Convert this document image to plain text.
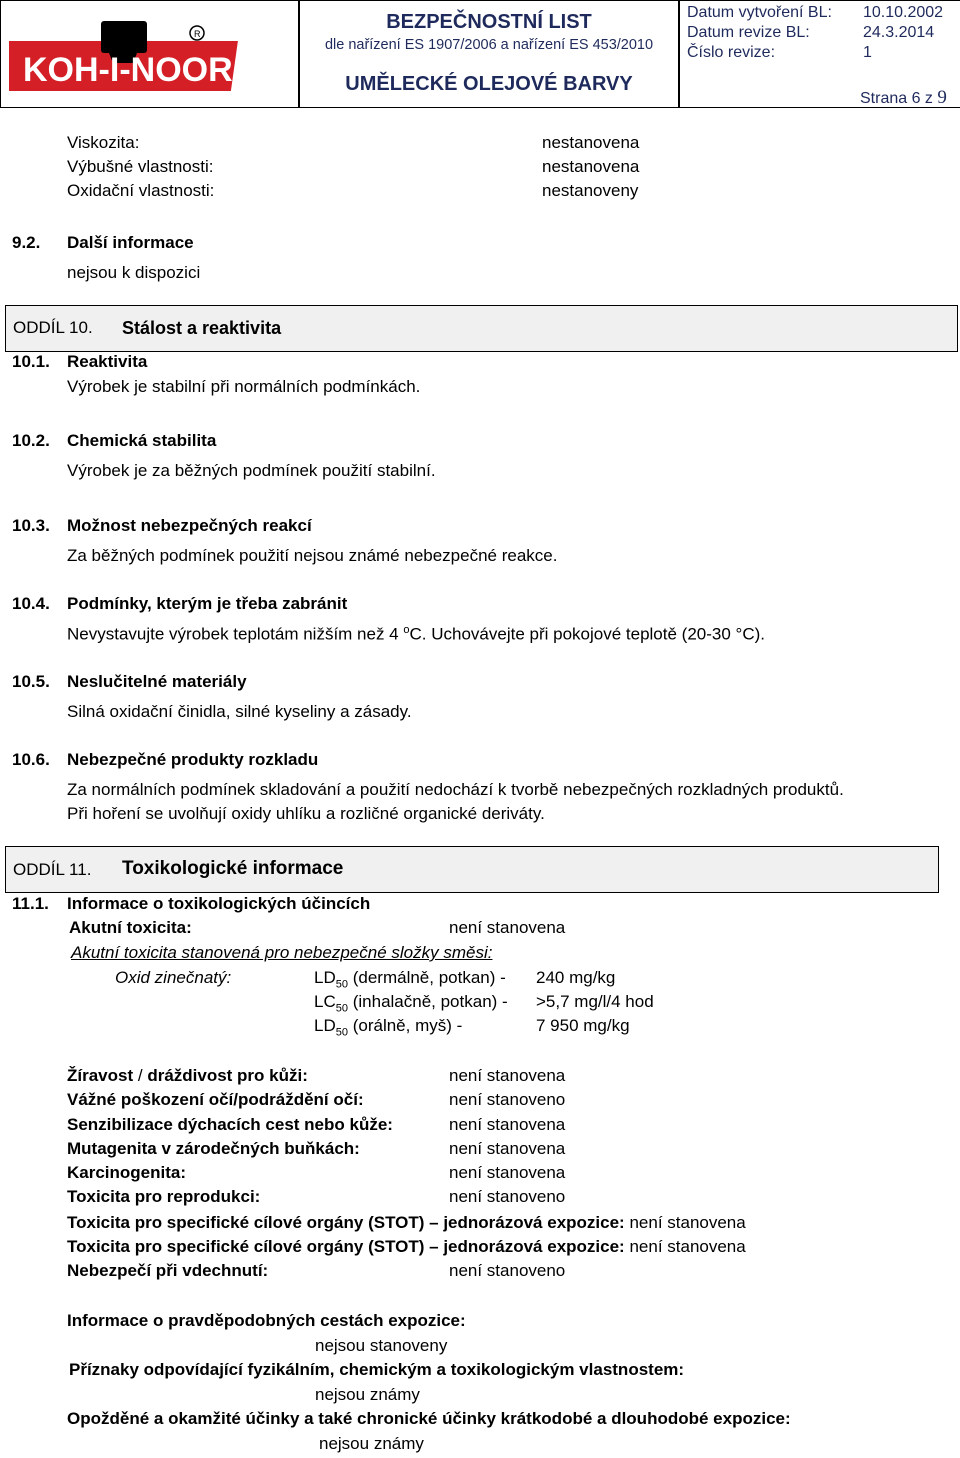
R
KOH-I-NOOR
BEZPEČNOSTNÍ LIST
dle nařízení ES 1907/2006 a nařízení ES 453/2010
UMĚLECKÉ OLEJOVÉ BARVY
Datum vytvoření BL: 10.10.2002
Datum revize BL:	24.3.2014
Číslo revize:	1
Strana 6 z 9
Viskozita:	nestanovena
Výbušné vlastnosti:	nestanovena
Oxidační vlastnosti:	nestanoveny
9.2. Další informace
nejsou k dispozici
ODDÍL 10. Stálost a reaktivita
10.1. Reaktivita
Výrobek je stabilní při normálních podmínkách.
10.2. Chemická stabilita
Výrobek je za běžných podmínek použití stabilní.
10.3. Možnost nebezpečných reakcí
Za běžných podmínek použití nejsou známé nebezpečné reakce.
10.4. Podmínky, kterým je třeba zabránit
Nevystavujte výrobek teplotám nižším než 4 $^o$C. Uchovávejte při pokojové teplotě (20-30 °C).
10.5. Neslučitelné materiály
Silná oxidační činidla, silné kyseliny a zásady.
10.6. Nebezpečné produkty rozkladu
Za normálních podmínek skladování a použití nedochází k tvorbě nebezpečných rozkladných produktů.
Při hoření se uvolňují oxidy uhlíku a rozličné organické deriváty.
ODDÍL 11. Toxikologické informace
11.1. Informace o toxikologických účincích
Akutní toxicita:	není stanovena
Akutní toxicita stanovená pro nebezpečné složky směsi:
Oxid zinečnatý:	$LD_{50}$ (dermálně, potkan) - 240 mg/kg
$LC_{50}$ (inhalačně, potkan) - >5,7 mg/l/4 hod
$LD_{50}$ (orálně, myš) -	7 950 mg/kg
Žíravost / dráždivost pro kůži:	není stanovena
Vážné poškození očí/podráždění očí:	není stanoveno
Senzibilizace dýchacích cest nebo kůže:	není stanovena
Mutagenita v zárodečných buňkách:	není stanovena
Karcinogenita:	není stanovena
Toxicita pro reprodukci:	není stanoveno
Toxicita pro specifické cílové orgány (STOT) – jednorázová expozice: není stanovena
Toxicita pro specifické cílové orgány (STOT) – jednorázová expozice: není stanovena
Nebezpečí při vdechnutí:	není stanoveno
Informace o pravděpodobných cestách expozice:
nejsou stanoveny
Příznaky odpovídající fyzikálním, chemickým a toxikologickým vlastnostem:
nejsou známy
Opožděné a okamžité účinky a také chronické účinky krátkodobé a dlouhodobé expozice:
nejsou známy
